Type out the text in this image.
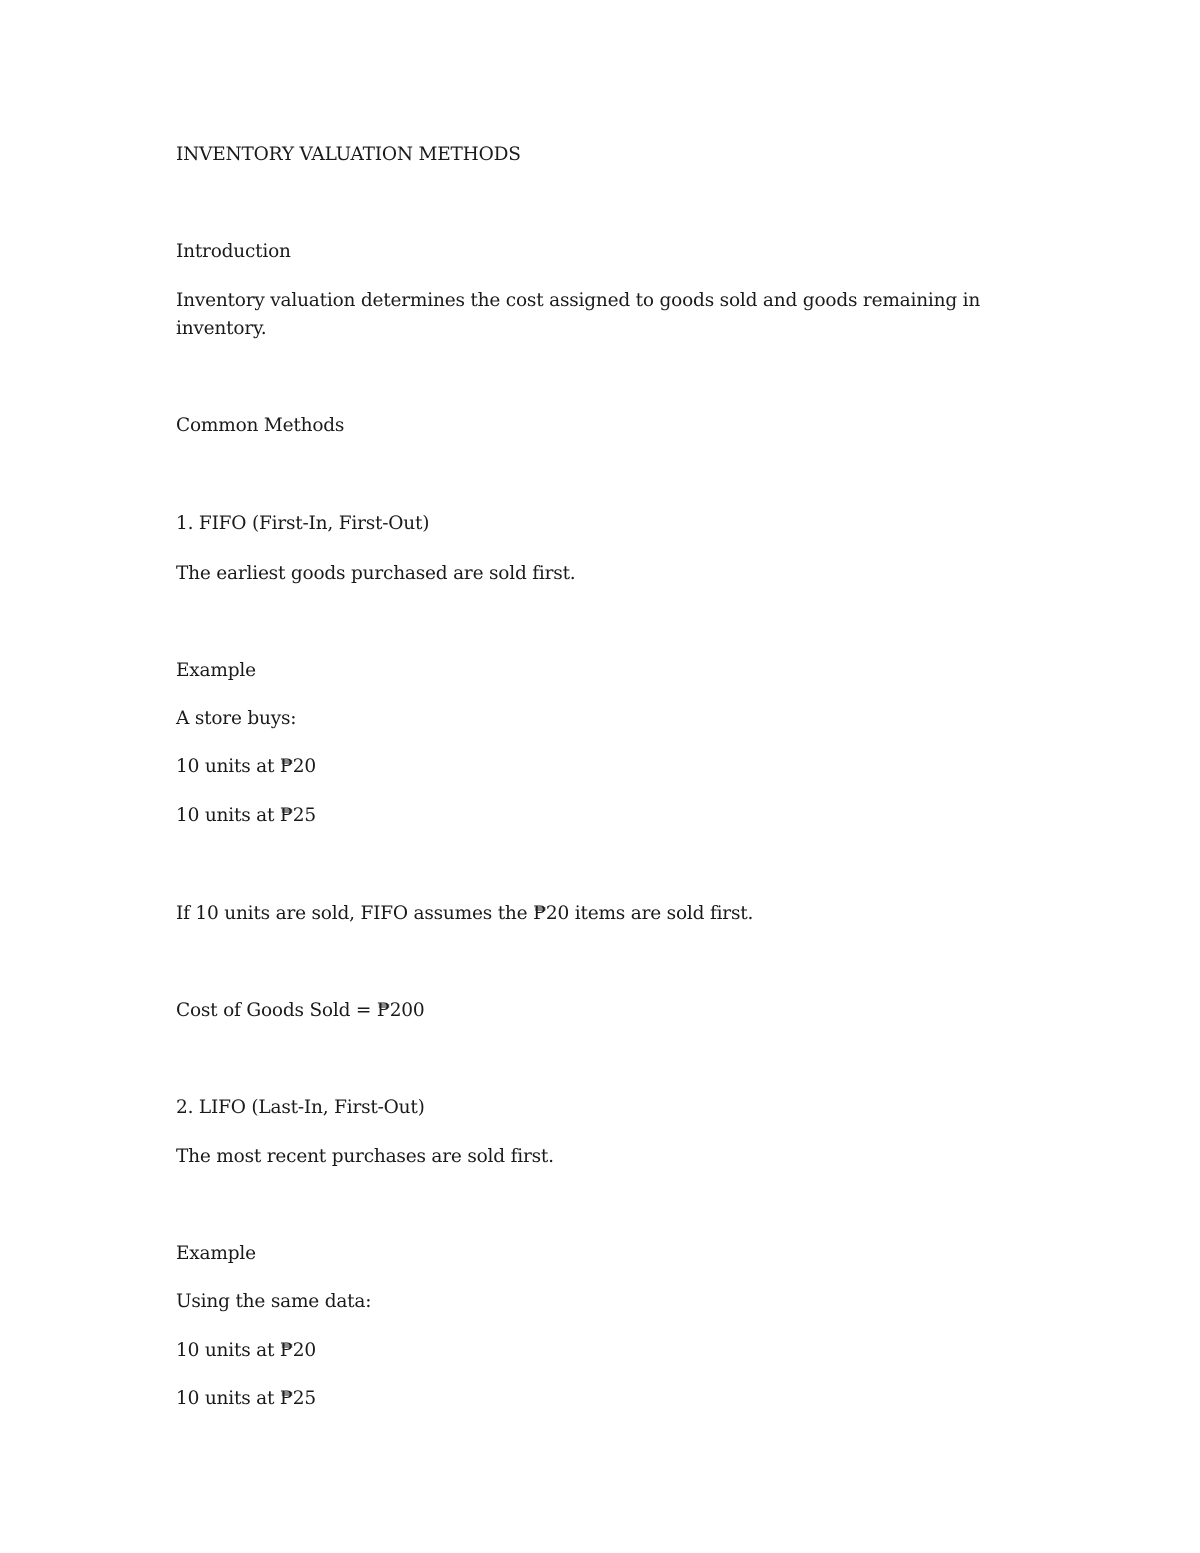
INVENTORY VALUATION METHODS

Introduction

Inventory valuation determines the cost assigned to goods sold and goods remaining in inventory.

Common Methods

1. FIFO (First-In, First-Out)

The earliest goods purchased are sold first.

Example

A store buys:

10 units at ₱20

10 units at ₱25

If 10 units are sold, FIFO assumes the ₱20 items are sold first.

Cost of Goods Sold = ₱200

2. LIFO (Last-In, First-Out)

The most recent purchases are sold first.

Example

Using the same data:

10 units at ₱20

10 units at ₱25
